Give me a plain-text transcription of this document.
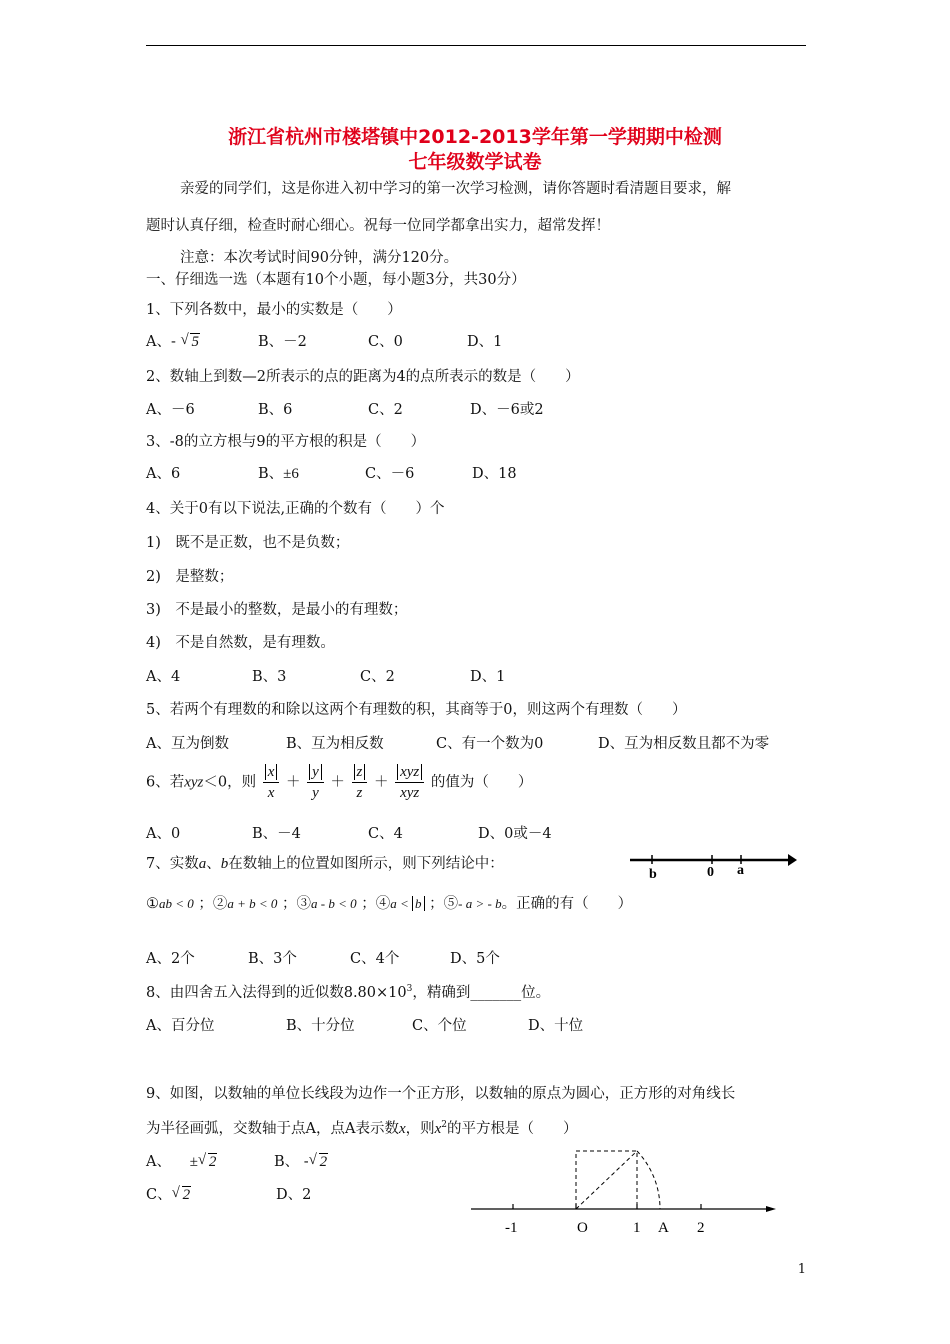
浙江省杭州市楼塔镇中2012-2013学年第一学期期中检测
七年级数学试卷
亲爱的同学们，这是你进入初中学习的第一次学习检测，请你答题时看清题目要求，解
题时认真仔细，检查时耐心细心。祝每一位同学都拿出实力，超常发挥！
注意：本次考试时间90分钟，满分120分。
一、仔细选一选（本题有10个小题，每小题3分，共30分）
1、下列各数中，最小的实数是（　　）
A、- √ 5	B、－2	C、0	D、1
2、数轴上到数—2所表示的点的距离为4的点所表示的数是（　　）
A、－6	B、6	C、2	D、－6或2
3、-8的立方根与9的平方根的积是（　　）
A、6	B、±6	C、－6	D、18
4、关于0有以下说法,正确的个数有（　　）个
1)　既不是正数，也不是负数；
2)　是整数；
3)　不是最小的整数，是最小的有理数；
4)　不是自然数，是有理数。
A、4	B、3	C、2	D、1
5、若两个有理数的和除以这两个有理数的积，其商等于0，则这两个有理数（　　）
A、互为倒数	B、互为相反数	C、有一个数为0	D、互为相反数且都不为零
6、若xyz＜0，则 $\frac{x}{x} + \frac{y}{y} + \frac{z}{z} + \frac{\text{xyz}}{\text{xyz}}$ 的值为（　　）
A、0	B、－4	C、4	D、0或－4
7、实数a、b在数轴上的位置如图所示，则下列结论中：
b	0 a
①ab < 0 ；②a + b < 0 ；③a - b < 0 ；④a < b ；⑤- a > - b。正确的有（　　）
A、2个	B、3个	C、4个	D、5个
8、由四舍五入法得到的近似数$8.80\times 10^3$，精确到_______位。
A、百分位	B、十分位	C、个位	D、十位
9、如图，以数轴的单位长线段为边作一个正方形，以数轴的原点为圆心，正方形的对角线长
为半径画弧，交数轴于点A，点A表示数x，则$x^2$的平方根是（　　）
A、 ± √ 2	B、 - √ 2
C、 √ 2	D、2
-1	O	1 A 2
1
